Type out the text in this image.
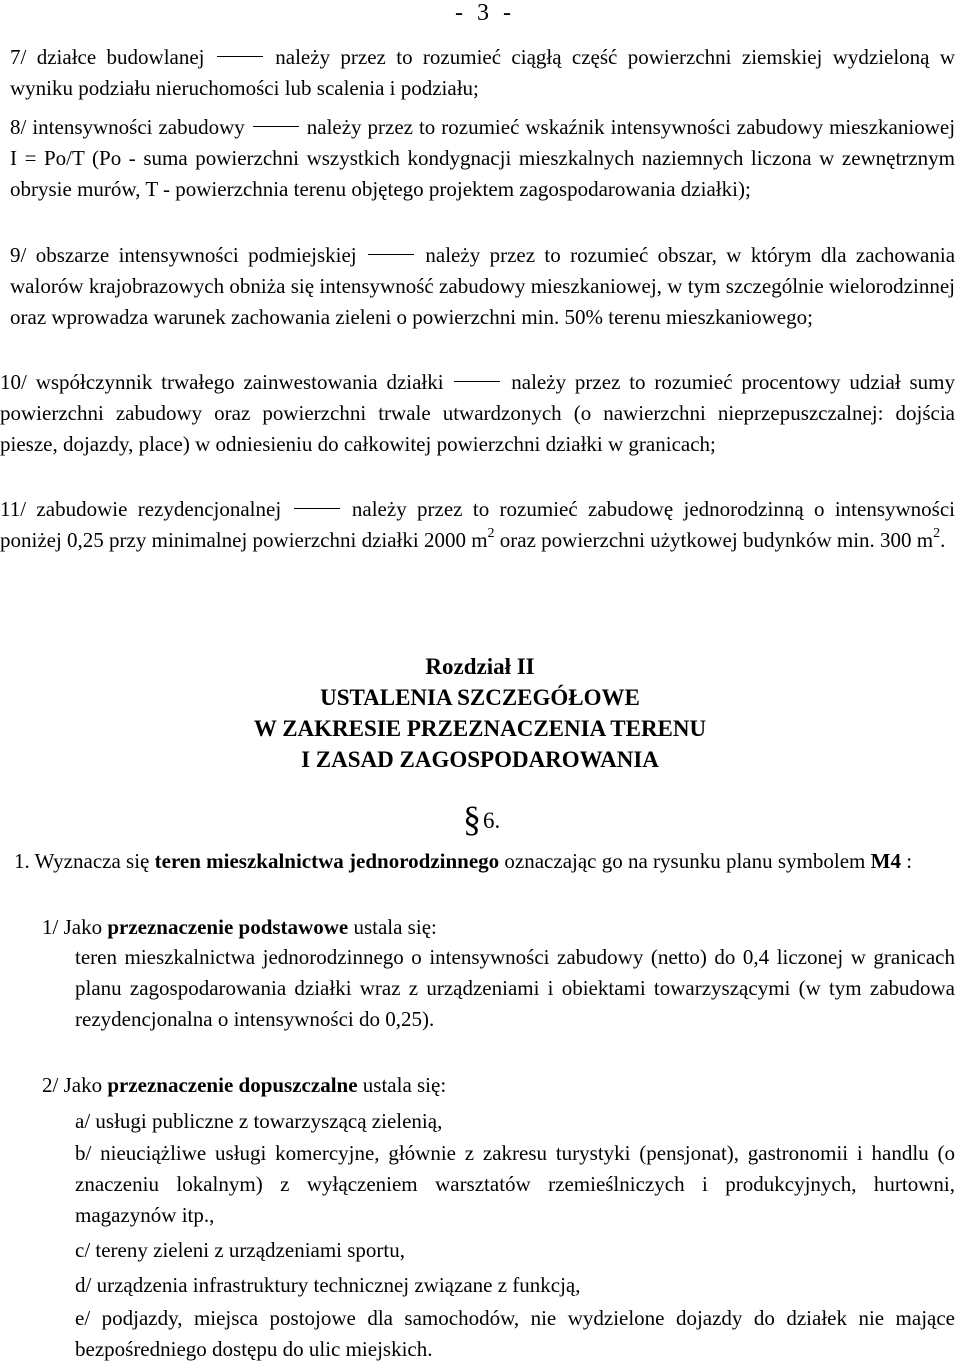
- 3 -
7/ działce budowlanej	należy przez to rozumieć ciągłą część powierzchni ziemskiej wydzieloną w wyniku podziału nieruchomości lub scalenia i podziału;
8/ intensywności zabudowy	należy przez to rozumieć wskaźnik intensywności zabudowy mieszkaniowej I = Po/T (Po - suma powierzchni wszystkich kondygnacji mieszkalnych naziemnych liczona w zewnętrznym obrysie murów, T - powierzchnia terenu objętego projektem zagospodarowania działki);
9/ obszarze intensywności podmiejskiej	należy przez to rozumieć obszar, w którym dla zachowania walorów krajobrazowych obniża się intensywność zabudowy mieszkaniowej, w tym szczególnie wielorodzinnej oraz wprowadza warunek zachowania zieleni o powierzchni min. 50% terenu mieszkaniowego;
10/ współczynnik trwałego zainwestowania działki	należy przez to rozumieć procentowy udział sumy powierzchni zabudowy oraz powierzchni trwale utwardzonych (o nawierzchni nieprzepuszczalnej: dojścia piesze, dojazdy, place) w odniesieniu do całkowitej powierzchni działki w granicach;
11/ zabudowie rezydencjonalnej	należy przez to rozumieć zabudowę jednorodzinną o intensywności poniżej 0,25 przy minimalnej powierzchni działki 2000 $m^2$ oraz powierzchni użytkowej budynków min. 300 $m^2$.
Rozdział II
USTALENIA SZCZEGÓŁOWE
W ZAKRESIE PRZEZNACZENIA TERENU
I ZASAD ZAGOSPODAROWANIA
§ 6.
1. Wyznacza się teren mieszkalnictwa jednorodzinnego oznaczając go na rysunku planu symbolem M4 :
1/ Jako przeznaczenie podstawowe ustala się:
teren mieszkalnictwa jednorodzinnego o intensywności zabudowy (netto) do 0,4 liczonej w granicach planu zagospodarowania działki wraz z urządzeniami i obiektami towarzyszącymi (w tym zabudowa rezydencjonalna o intensywności do 0,25).
2/ Jako przeznaczenie dopuszczalne ustala się:
a/ usługi publiczne z towarzyszącą zielenią,
b/ nieuciążliwe usługi komercyjne, głównie z zakresu turystyki (pensjonat), gastronomii i handlu (o znaczeniu lokalnym) z wyłączeniem warsztatów rzemieślniczych i produkcyjnych, hurtowni, magazynów itp.,
c/ tereny zieleni z urządzeniami sportu,
d/ urządzenia infrastruktury technicznej związane z funkcją,
e/ podjazdy, miejsca postojowe dla samochodów, nie wydzielone dojazdy do działek nie mające bezpośredniego dostępu do ulic miejskich.
